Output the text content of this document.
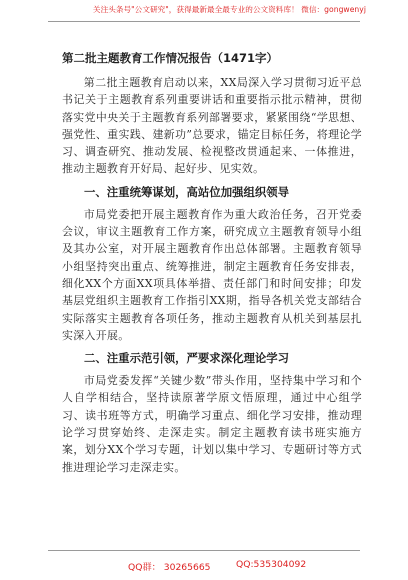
关注头条号"公文研究"，获得最新最全最专业的公文资料库！ 微信：gongwenyj
第二批主题教育工作情况报告（1471字）

第二批主题教育启动以来，XX局深入学习贯彻习近平总书记关于主题教育系列重要讲话和重要指示批示精神，贯彻落实党中央关于主题教育系列部署要求，紧紧围绕“学思想、强党性、重实践、建新功”总要求，锚定目标任务，将理论学习、调查研究、推动发展、检视整改贯通起来、一体推进，推动主题教育开好局、起好步、见实效。

一、注重统筹谋划，高站位加强组织领导

市局党委把开展主题教育作为重大政治任务，召开党委会议，审议主题教育工作方案，研究成立主题教育领导小组及其办公室，对开展主题教育作出总体部署。主题教育领导小组坚持突出重点、统筹推进，制定主题教育任务安排表，细化XX个方面XX项具体举措、责任部门和时间安排；印发基层党组织主题教育工作指引XX期，指导各机关党支部结合实际落实主题教育各项任务，推动主题教育从机关到基层扎实深入开展。

二、注重示范引领，严要求深化理论学习

市局党委发挥“关键少数”带头作用，坚持集中学习和个人自学相结合，坚持读原著学原文悟原理，通过中心组学习、读书班等方式，明确学习重点、细化学习安排，推动理论学习贯穿始终、走深走实。制定主题教育读书班实施方案，划分XX个学习专题，计划以集中学习、专题研讨等方式推进理论学习走深走实。

QQ群： 30265665	QQ:535304092
